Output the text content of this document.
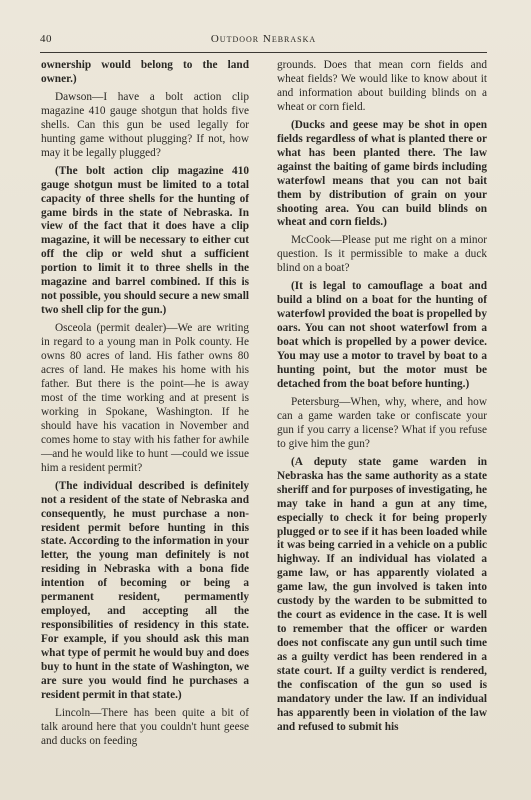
40	Outdoor Nebraska

ownership would belong to the land owner.)

Dawson—I have a bolt action clip magazine 410 gauge shotgun that holds five shells. Can this gun be used legally for hunting game without plugging? If not, how may it be legally plugged?

(The bolt action clip magazine 410 gauge shotgun must be limited to a total capacity of three shells for the hunting of game birds in the state of Nebraska. In view of the fact that it does have a clip magazine, it will be necessary to either cut off the clip or weld shut a sufficient portion to limit it to three shells in the magazine and barrel combined. If this is not possible, you should secure a new small two shell clip for the gun.)

Osceola (permit dealer)—We are writing in regard to a young man in Polk county. He owns 80 acres of land. His father owns 80 acres of land. He makes his home with his father. But there is the point—he is away most of the time working and at present is working in Spokane, Washington. If he should have his vacation in November and comes home to stay with his father for awhile—and he would like to hunt —could we issue him a resident permit?

(The individual described is definitely not a resident of the state of Nebraska and consequently, he must purchase a non-resident permit before hunting in this state. According to the information in your letter, the young man definitely is not residing in Nebraska with a bona fide intention of becoming or being a permanent resident, permamently employed, and accepting all the responsibilities of residency in this state. For example, if you should ask this man what type of permit he would buy and does buy to hunt in the state of Washington, we are sure you would find he purchases a resident permit in that state.)

Lincoln—There has been quite a bit of talk around here that you couldn't hunt geese and ducks on feeding

grounds. Does that mean corn fields and wheat fields? We would like to know about it and information about building blinds on a wheat or corn field.

(Ducks and geese may be shot in open fields regardless of what is planted there or what has been planted there. The law against the baiting of game birds including waterfowl means that you can not bait them by distribution of grain on your shooting area. You can build blinds on wheat and corn fields.)

McCook—Please put me right on a minor question. Is it permissible to make a duck blind on a boat?

(It is legal to camouflage a boat and build a blind on a boat for the hunting of waterfowl provided the boat is propelled by oars. You can not shoot waterfowl from a boat which is propelled by a power device. You may use a motor to travel by boat to a hunting point, but the motor must be detached from the boat before hunting.)

Petersburg—When, why, where, and how can a game warden take or confiscate your gun if you carry a license? What if you refuse to give him the gun?

(A deputy state game warden in Nebraska has the same authority as a state sheriff and for purposes of investigating, he may take in hand a gun at any time, especially to check it for being properly plugged or to see if it has been loaded while it was being carried in a vehicle on a public highway. If an individual has violated a game law, or has apparently violated a game law, the gun involved is taken into custody by the warden to be submitted to the court as evidence in the case. It is well to remember that the officer or warden does not confiscate any gun until such time as a guilty verdict has been rendered in a state court. If a guilty verdict is rendered, the confiscation of the gun so used is mandatory under the law. If an individual has apparently been in violation of the law and refused to submit his
